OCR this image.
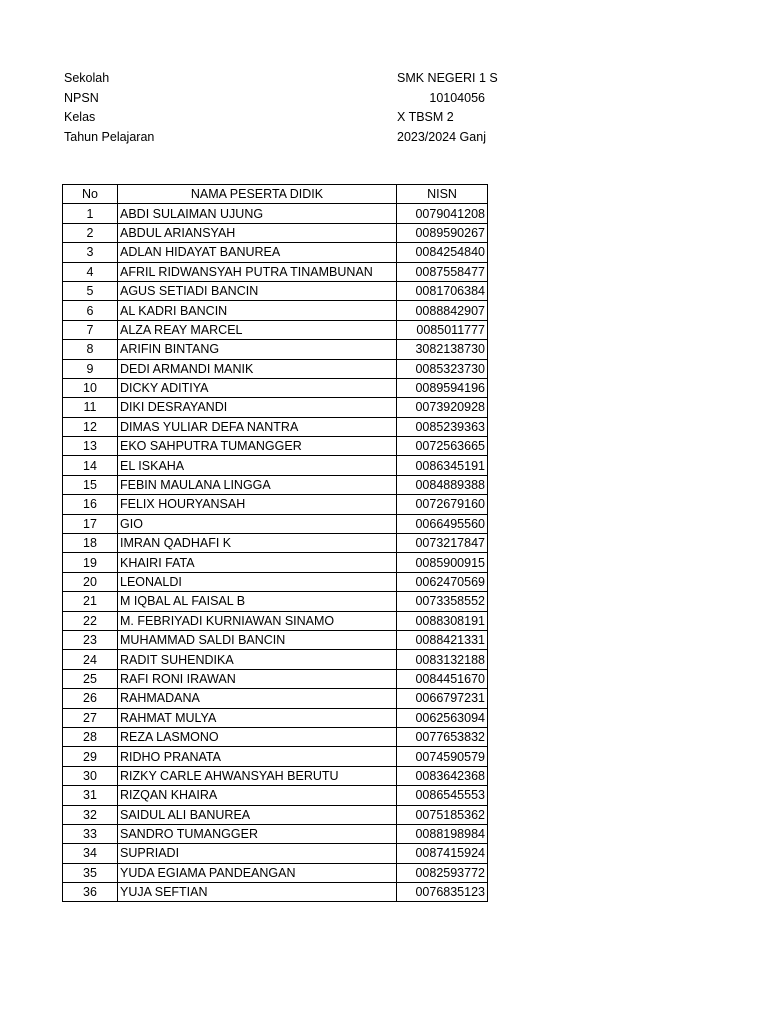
Sekolah	SMK NEGERI 1 S
NPSN	10104056
Kelas	X TBSM 2
Tahun Pelajaran	2023/2024 Ganj
No	NAMA PESERTA DIDIK	NISN
1	ABDI SULAIMAN UJUNG	0079041208
2	ABDUL ARIANSYAH	0089590267
3	ADLAN HIDAYAT BANUREA	0084254840
4	AFRIL RIDWANSYAH PUTRA TINAMBUNAN	0087558477
5	AGUS SETIADI BANCIN	0081706384
6	AL KADRI BANCIN	0088842907
7	ALZA REAY MARCEL	0085011777
8	ARIFIN BINTANG	3082138730
9	DEDI ARMANDI MANIK	0085323730
10	DICKY ADITIYA	0089594196
11	DIKI DESRAYANDI	0073920928
12	DIMAS YULIAR DEFA NANTRA	0085239363
13	EKO SAHPUTRA TUMANGGER	0072563665
14	EL ISKAHA	0086345191
15	FEBIN MAULANA LINGGA	0084889388
16	FELIX HOURYANSAH	0072679160
17	GIO	0066495560
18	IMRAN QADHAFI K	0073217847
19	KHAIRI FATA	0085900915
20	LEONALDI	0062470569
21	M IQBAL AL FAISAL B	0073358552
22	M. FEBRIYADI KURNIAWAN SINAMO	0088308191
23	MUHAMMAD SALDI BANCIN	0088421331
24	RADIT SUHENDIKA	0083132188
25	RAFI RONI IRAWAN	0084451670
26	RAHMADANA	0066797231
27	RAHMAT MULYA	0062563094
28	REZA LASMONO	0077653832
29	RIDHO PRANATA	0074590579
30	RIZKY CARLE AHWANSYAH BERUTU	0083642368
31	RIZQAN KHAIRA	0086545553
32	SAIDUL ALI BANUREA	0075185362
33	SANDRO TUMANGGER	0088198984
34	SUPRIADI	0087415924
35	YUDA EGIAMA PANDEANGAN	0082593772
36	YUJA SEFTIAN	0076835123
